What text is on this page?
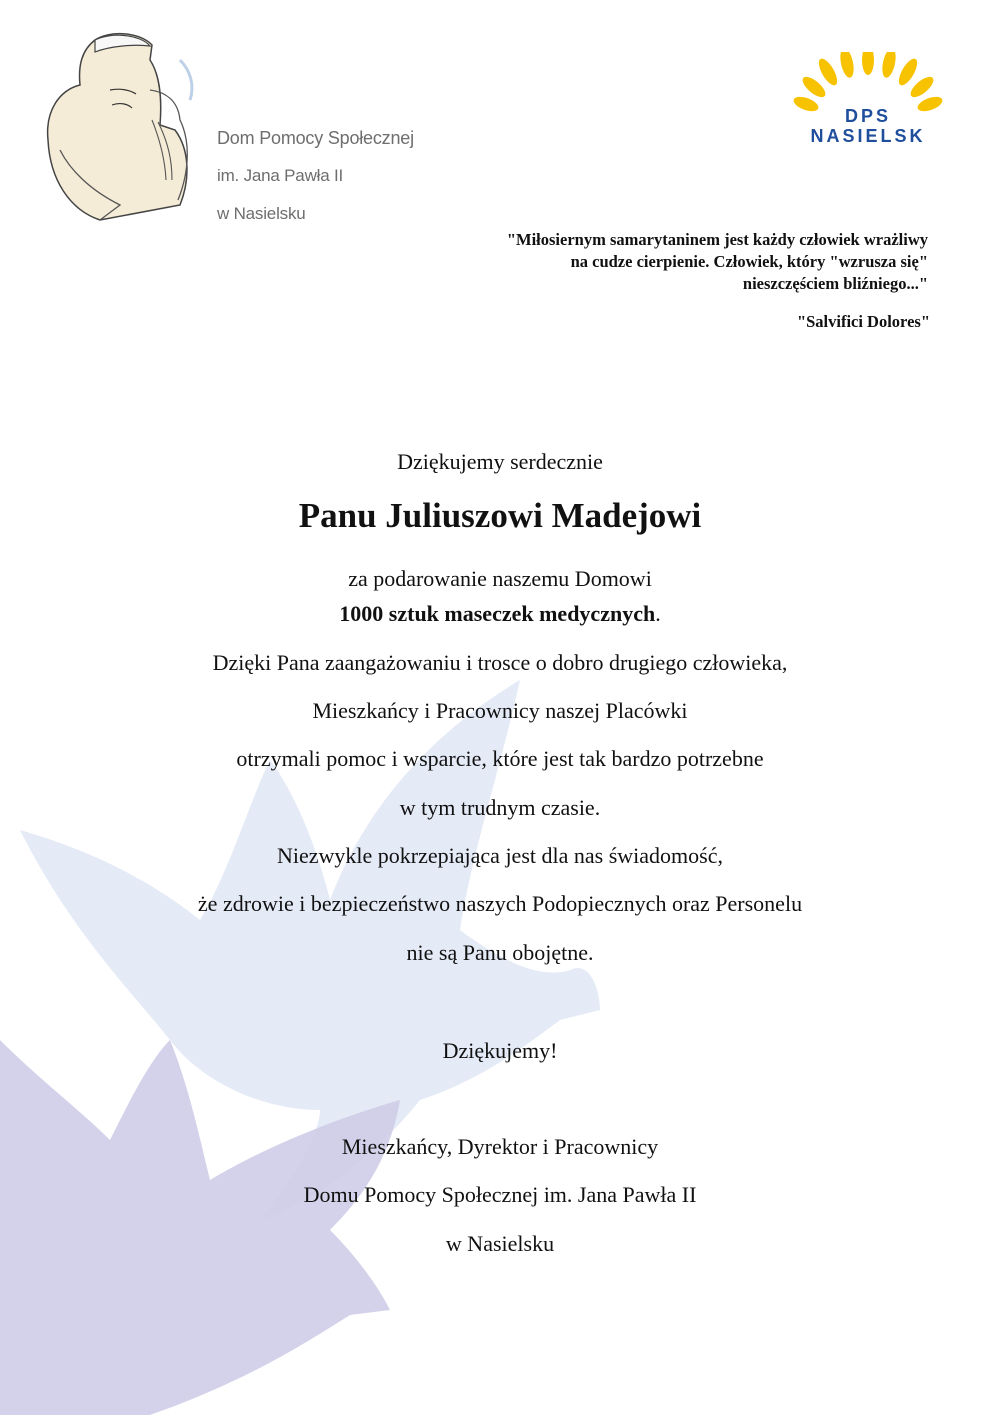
Dom Pomocy Społecznej
im. Jana Pawła II
w Nasielsku
DPS
NASIELSK
"Miłosiernym samarytaninem jest każdy człowiek wrażliwy
na cudze cierpienie. Człowiek, który "wzrusza się"
nieszczęściem bliźniego..."
"Salvifici Dolores"
Dziękujemy serdecznie
Panu Juliuszowi Madejowi
za podarowanie naszemu Domowi
1000 sztuk maseczek medycznych.
Dzięki Pana zaangażowaniu i trosce o dobro drugiego człowieka,
Mieszkańcy i Pracownicy naszej Placówki
otrzymali pomoc i wsparcie, które jest tak bardzo potrzebne
w tym trudnym czasie.
Niezwykle pokrzepiająca jest dla nas świadomość,
że zdrowie i bezpieczeństwo naszych Podopiecznych oraz Personelu
nie są Panu obojętne.
Dziękujemy!
Mieszkańcy, Dyrektor i Pracownicy
Domu Pomocy Społecznej im. Jana Pawła II
w Nasielsku
